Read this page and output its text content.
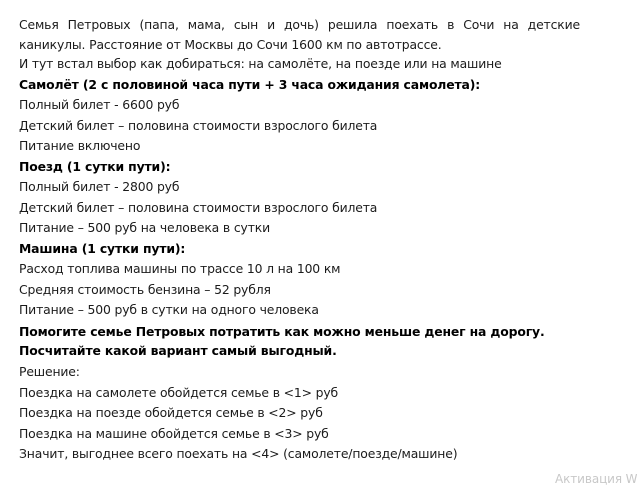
Семья Петровых (папа, мама, сын и дочь) решила поехать в Сочи на детские каникулы. Расстояние от Москвы до Сочи 1600 км по автотрассе.

И тут встал выбор как добираться: на самолёте, на поезде или на машине

Самолёт (2 с половиной часа пути + 3 часа ожидания самолета):

Полный билет - 6600 руб

Детский билет – половина стоимости взрослого билета

Питание включено

Поезд (1 сутки пути):

Полный билет - 2800 руб

Детский билет – половина стоимости взрослого билета

Питание – 500 руб на человека в сутки

Машина (1 сутки пути):

Расход топлива машины по трассе 10 л на 100 км

Средняя стоимость бензина – 52 рубля

Питание – 500 руб в сутки на одного человека

Помогите семье Петровых потратить как можно меньше денег на дорогу. Посчитайте какой вариант самый выгодный.

Решение:

Поездка на самолете обойдется семье в <1> руб

Поездка на поезде обойдется семье в <2> руб

Поездка на машине обойдется семье в <3> руб

Значит, выгоднее всего поехать на <4> (самолете/поезде/машине)

Активация W
